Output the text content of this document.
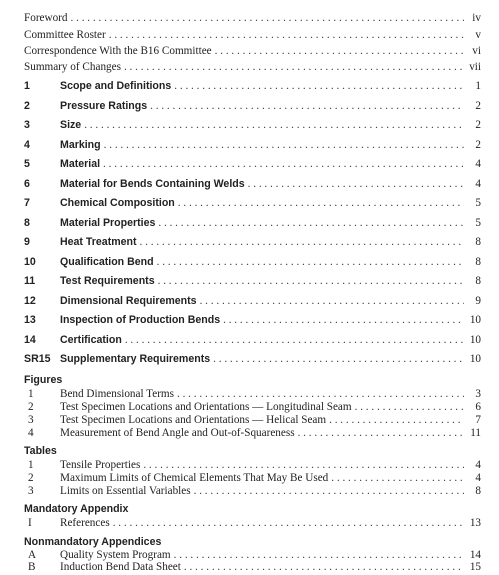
Foreword . . .	iv
Committee Roster . . .	v
Correspondence With the B16 Committee . . .	vi
Summary of Changes . . .	vii
1	Scope and Definitions . . .	1
2	Pressure Ratings . . .	2
3	Size . . .	2
4	Marking . . .	2
5	Material . . .	4
6	Material for Bends Containing Welds . . .	4
7	Chemical Composition . . .	5
8	Material Properties . . .	5
9	Heat Treatment . . .	8
10	Qualification Bend . . .	8
11	Test Requirements . . .	8
12	Dimensional Requirements . . .	9
13	Inspection of Production Bends . . .	10
14	Certification . . .	10
SR15 Supplementary Requirements . . .	10
Figures
1	Bend Dimensional Terms . . .	3
2	Test Specimen Locations and Orientations — Longitudinal Seam . . .	6
3	Test Specimen Locations and Orientations — Helical Seam . . .	7
4	Measurement of Bend Angle and Out-of-Squareness . . .	11
Tables
1	Tensile Properties . . .	4
2	Maximum Limits of Chemical Elements That May Be Used . . .	4
3	Limits on Essential Variables . . .	8
Mandatory Appendix
I	References . . .	13
Nonmandatory Appendices
A	Quality System Program . . .	14
B	Induction Bend Data Sheet . . .	15
